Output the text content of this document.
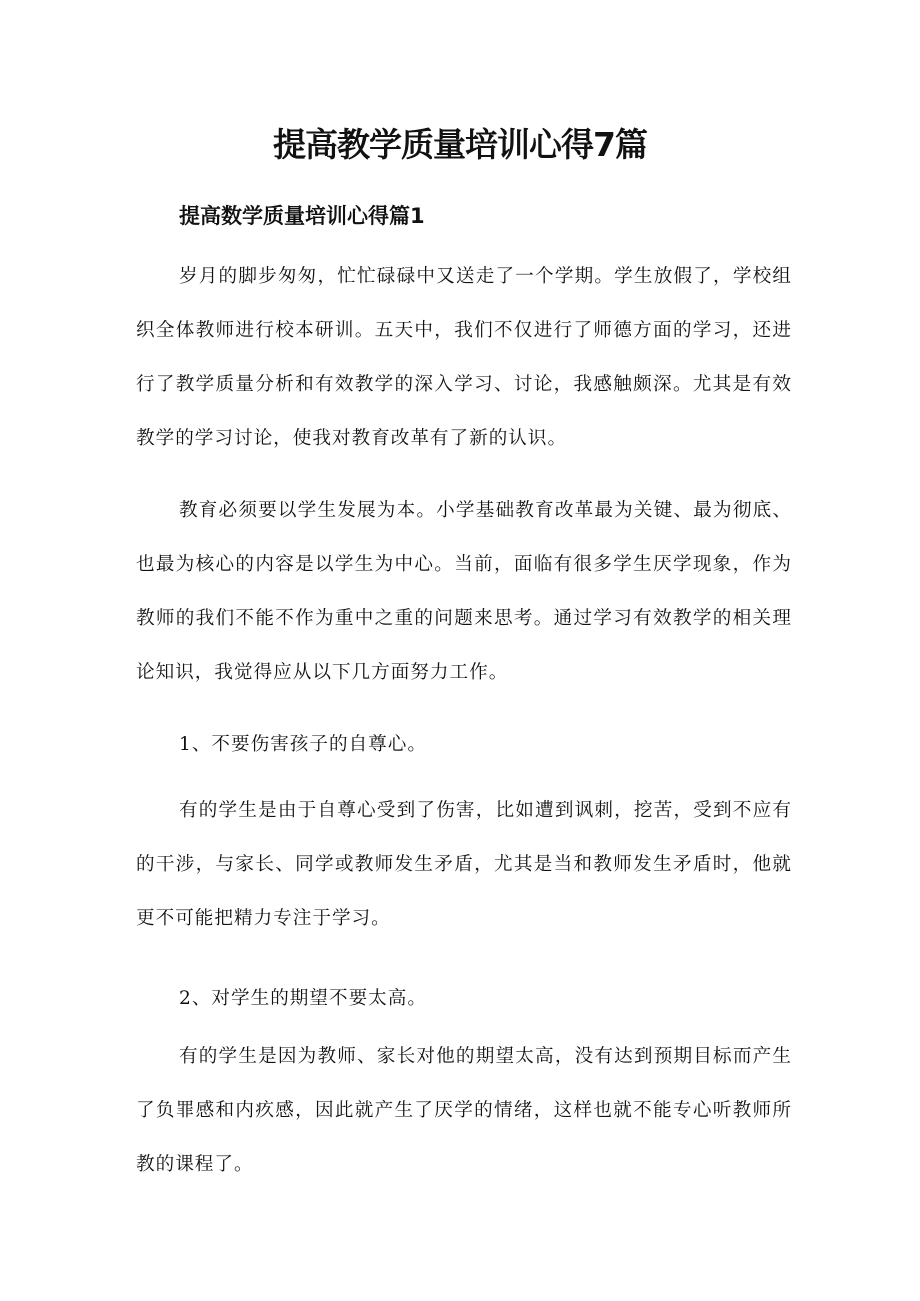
提高教学质量培训心得7篇
提高数学质量培训心得篇1

岁月的脚步匆匆，忙忙碌碌中又送走了一个学期。学生放假了，学校组织全体教师进行校本研训。五天中，我们不仅进行了师德方面的学习，还进行了教学质量分析和有效教学的深入学习、讨论，我感触颇深。尤其是有效教学的学习讨论，使我对教育改革有了新的认识。

教育必须要以学生发展为本。小学基础教育改革最为关键、最为彻底、也最为核心的内容是以学生为中心。当前，面临有很多学生厌学现象，作为教师的我们不能不作为重中之重的问题来思考。通过学习有效教学的相关理论知识，我觉得应从以下几方面努力工作。

1、不要伤害孩子的自尊心。

有的学生是由于自尊心受到了伤害，比如遭到讽刺，挖苦，受到不应有的干涉，与家长、同学或教师发生矛盾，尤其是当和教师发生矛盾时，他就更不可能把精力专注于学习。

2、对学生的期望不要太高。

有的学生是因为教师、家长对他的期望太高，没有达到预期目标而产生了负罪感和内疚感，因此就产生了厌学的情绪，这样也就不能专心听教师所教的课程了。
